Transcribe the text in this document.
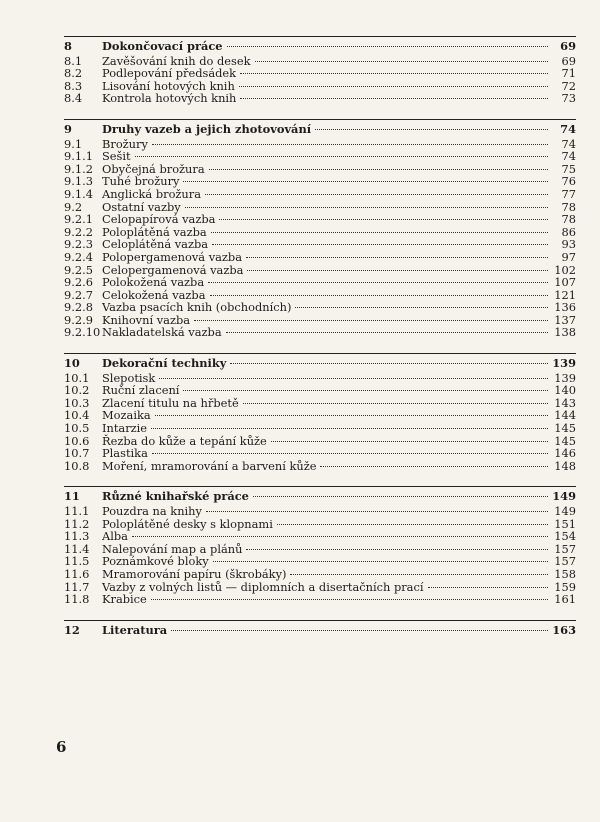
8	Dokončovací práce	69
8.1	Zavěšování knih do desek	69
8.2	Podlepování předsádek	71
8.3	Lisování hotových knih	72
8.4	Kontrola hotových knih	73
9	Druhy vazeb a jejich zhotovování	74
9.1	Brožury	74
9.1.1 Sešit	74
9.1.2 Obyčejná brožura	75
9.1.3 Tuhé brožury	76
9.1.4 Anglická brožura	77
9.2	Ostatní vazby	78
9.2.1 Celopapírová vazba	78
9.2.2 Poloplátěná vazba	86
9.2.3 Celoplátěná vazba	93
9.2.4 Polopergamenová vazba	97
9.2.5 Celopergamenová vazba	102
9.2.6 Polokožená vazba	107
9.2.7 Celokožená vazba	121
9.2.8 Vazba psacích knih (obchodních)	136
9.2.9 Knihovní vazba	137
9.2.10 Nakladatelská vazba	138
10	Dekorační techniky	139
10.1	Slepotisk	139
10.2	Ruční zlacení	140
10.3	Zlacení titulu na hřbetě	143
10.4	Mozaika	144
10.5	Intarzie	145
10.6	Řezba do kůže a tepání kůže	145
10.7	Plastika	146
10.8	Moření, mramorování a barvení kůže	148
11	Různé knihařské práce	149
11.1	Pouzdra na knihy	149
11.2	Poloplátěné desky s klopnami	151
11.3	Alba	154
11.4	Nalepování map a plánů	157
11.5	Poznámkové bloky	157
11.6	Mramorování papíru (škrobáky)	158
11.7	Vazby z volných listů — diplomních a disertačních prací	159
11.8	Krabice	161
12	Literatura	163
6
